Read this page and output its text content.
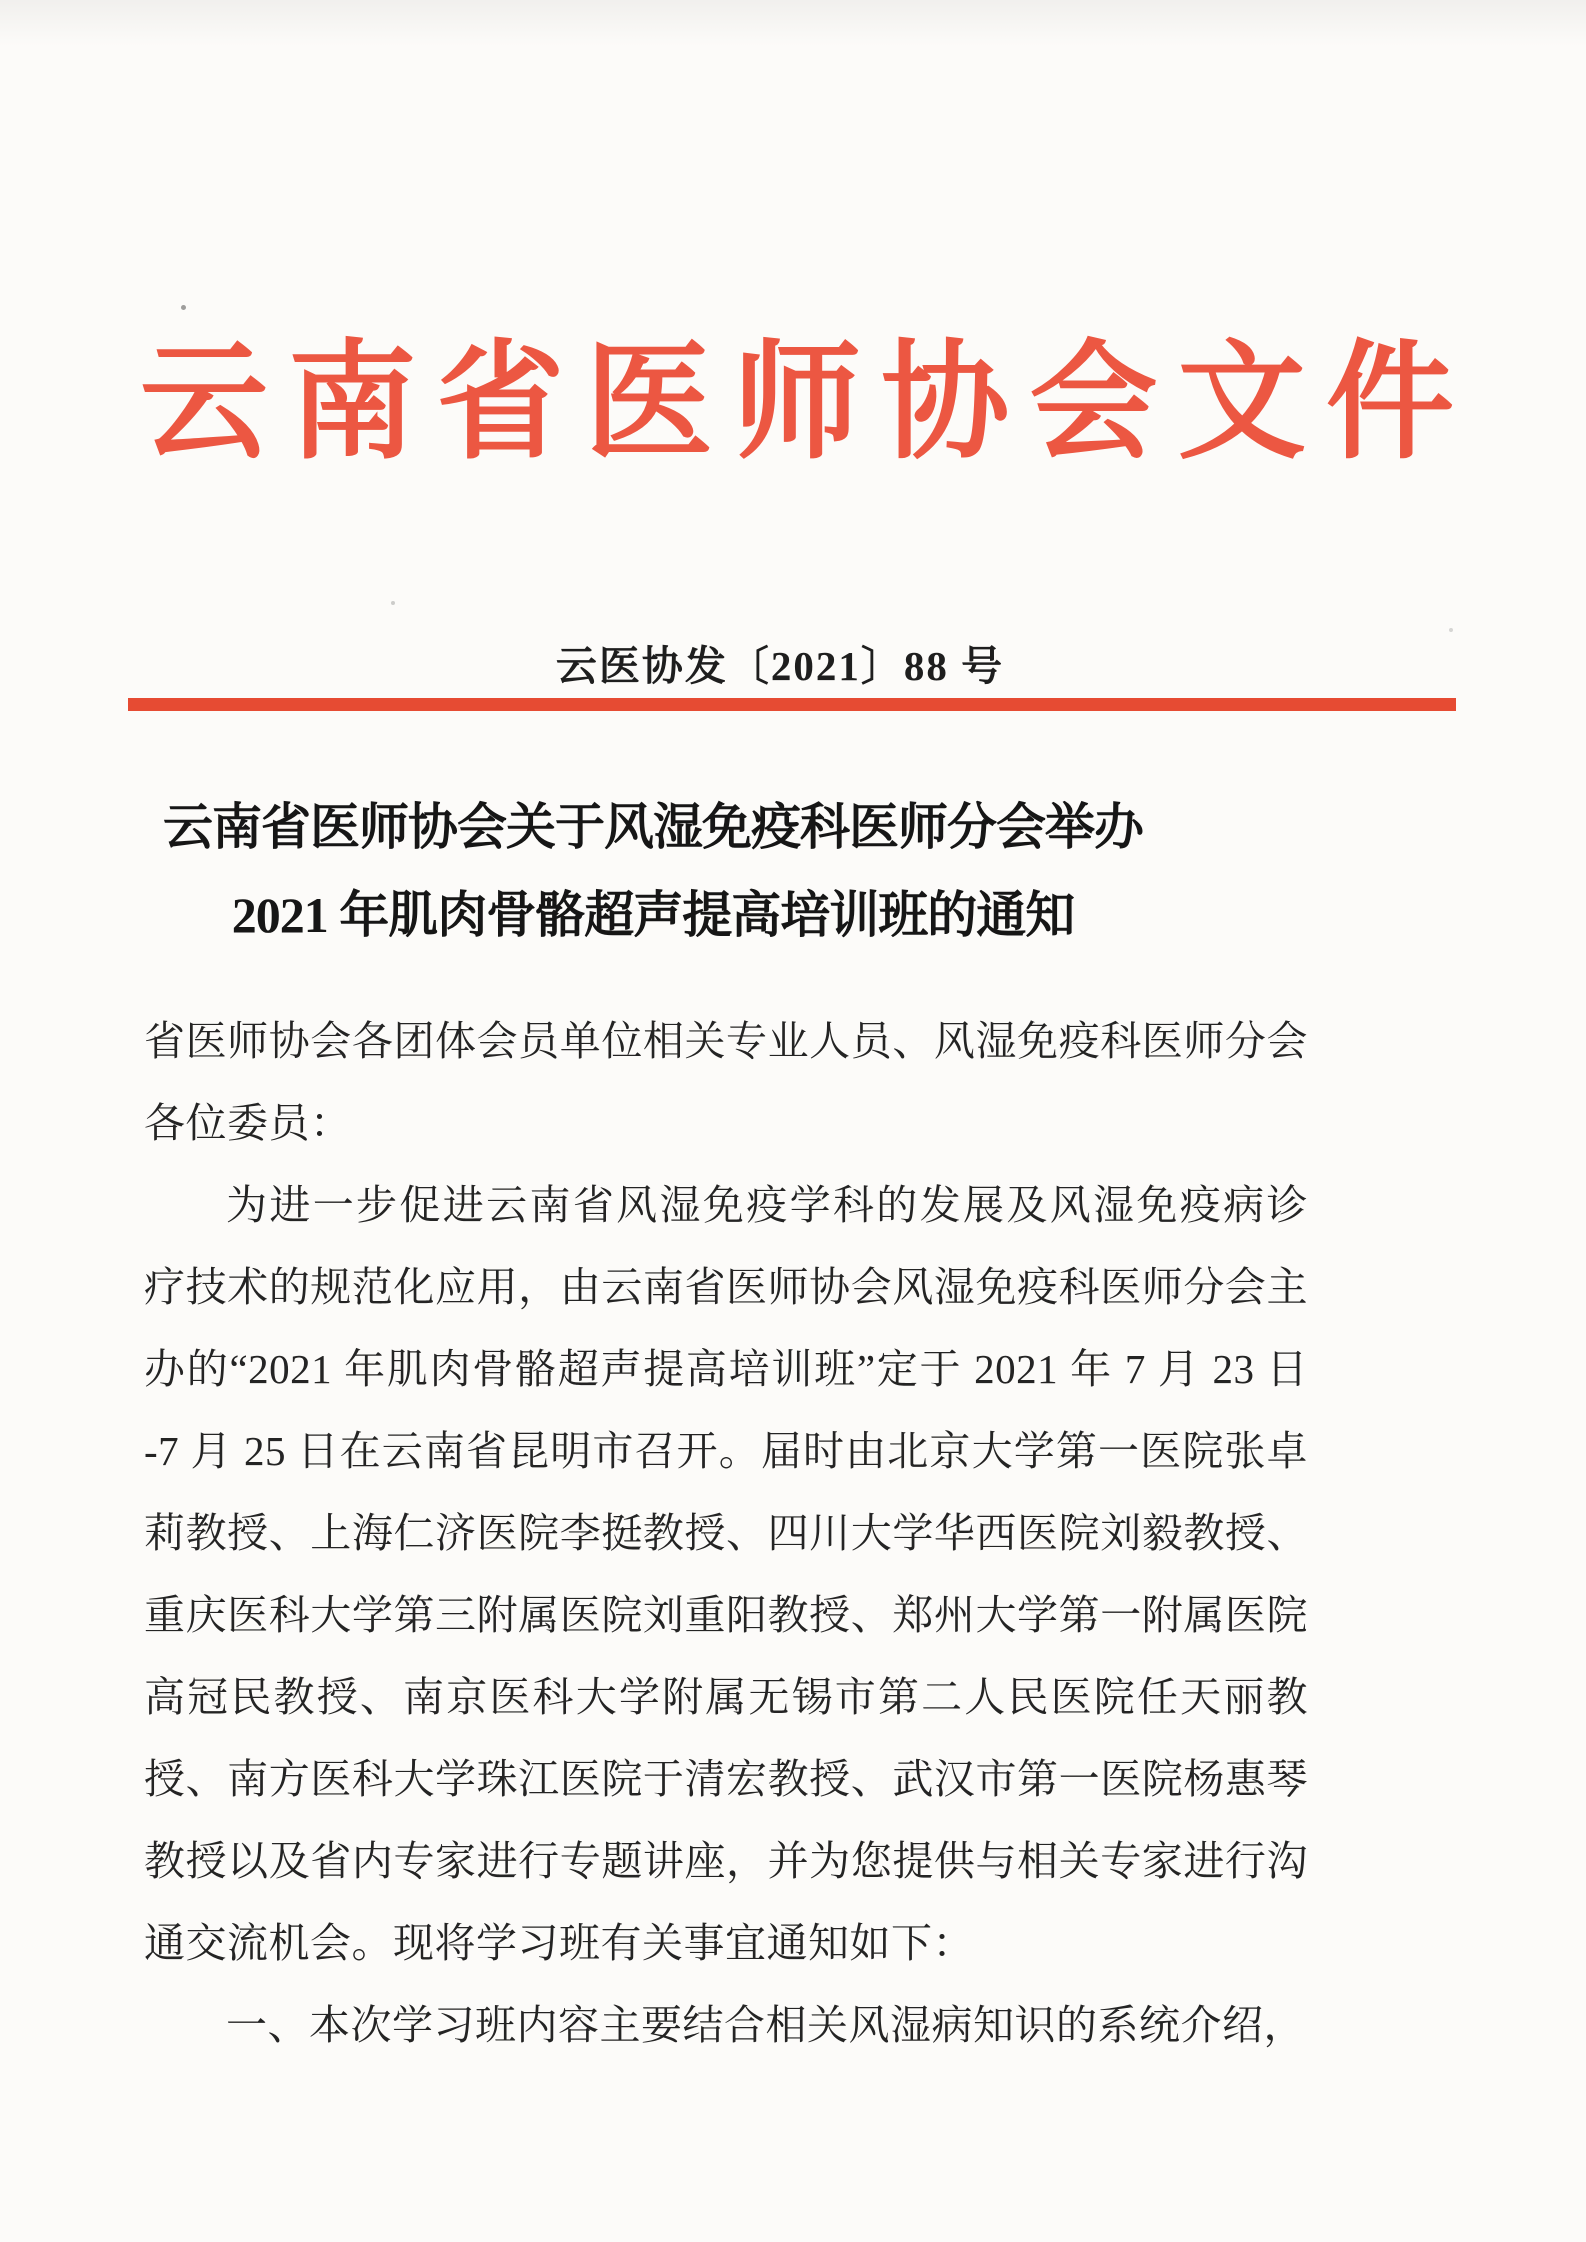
云南省医师协会文件
云医协发〔2021〕88 号
云南省医师协会关于风湿免疫科医师分会举办
2021 年肌肉骨骼超声提高培训班的通知
省医师协会各团体会员单位相关专业人员、风湿免疫科医师分会
各位委员：
为进一步促进云南省风湿免疫学科的发展及风湿免疫病诊
疗技术的规范化应用，由云南省医师协会风湿免疫科医师分会主
办的“2021 年肌肉骨骼超声提高培训班”定于 2021 年 7 月 23 日
-7 月 25 日在云南省昆明市召开。届时由北京大学第一医院张卓
莉教授、上海仁济医院李挺教授、四川大学华西医院刘毅教授、
重庆医科大学第三附属医院刘重阳教授、郑州大学第一附属医院
高冠民教授、南京医科大学附属无锡市第二人民医院任天丽教
授、南方医科大学珠江医院于清宏教授、武汉市第一医院杨惠琴
教授以及省内专家进行专题讲座，并为您提供与相关专家进行沟
通交流机会。现将学习班有关事宜通知如下：
一、本次学习班内容主要结合相关风湿病知识的系统介绍，
